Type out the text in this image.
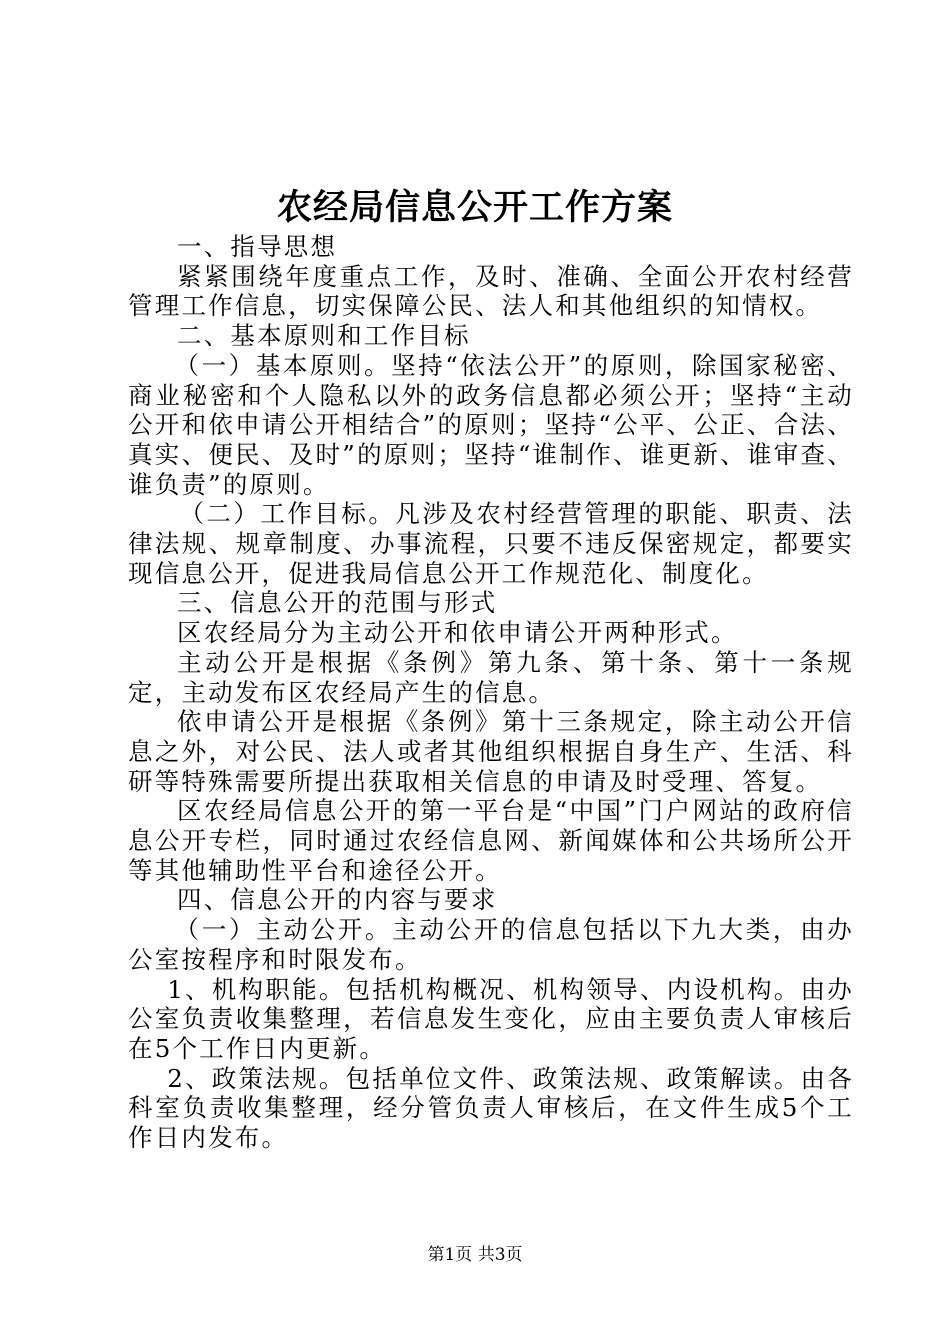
农经局信息公开工作方案

一、指导思想

紧紧围绕年度重点工作，及时、准确、全面公开农村经营管理工作信息，切实保障公民、法人和其他组织的知情权。

二、基本原则和工作目标

（一）基本原则。坚持“依法公开”的原则，除国家秘密、商业秘密和个人隐私以外的政务信息都必须公开；坚持“主动公开和依申请公开相结合”的原则；坚持“公平、公正、合法、真实、便民、及时”的原则；坚持“谁制作、谁更新、谁审查、谁负责”的原则。

（二）工作目标。凡涉及农村经营管理的职能、职责、法律法规、规章制度、办事流程，只要不违反保密规定，都要实现信息公开，促进我局信息公开工作规范化、制度化。

三、信息公开的范围与形式

区农经局分为主动公开和依申请公开两种形式。

主动公开是根据《条例》第九条、第十条、第十一条规定，主动发布区农经局产生的信息。

依申请公开是根据《条例》第十三条规定，除主动公开信息之外，对公民、法人或者其他组织根据自身生产、生活、科研等特殊需要所提出获取相关信息的申请及时受理、答复。

区农经局信息公开的第一平台是“中国”门户网站的政府信息公开专栏，同时通过农经信息网、新闻媒体和公共场所公开等其他辅助性平台和途径公开。

四、信息公开的内容与要求

（一）主动公开。主动公开的信息包括以下九大类，由办公室按程序和时限发布。

1、机构职能。包括机构概况、机构领导、内设机构。由办公室负责收集整理，若信息发生变化，应由主要负责人审核后在5个工作日内更新。

2、政策法规。包括单位文件、政策法规、政策解读。由各科室负责收集整理，经分管负责人审核后，在文件生成5个工作日内发布。

第1页 共3页
